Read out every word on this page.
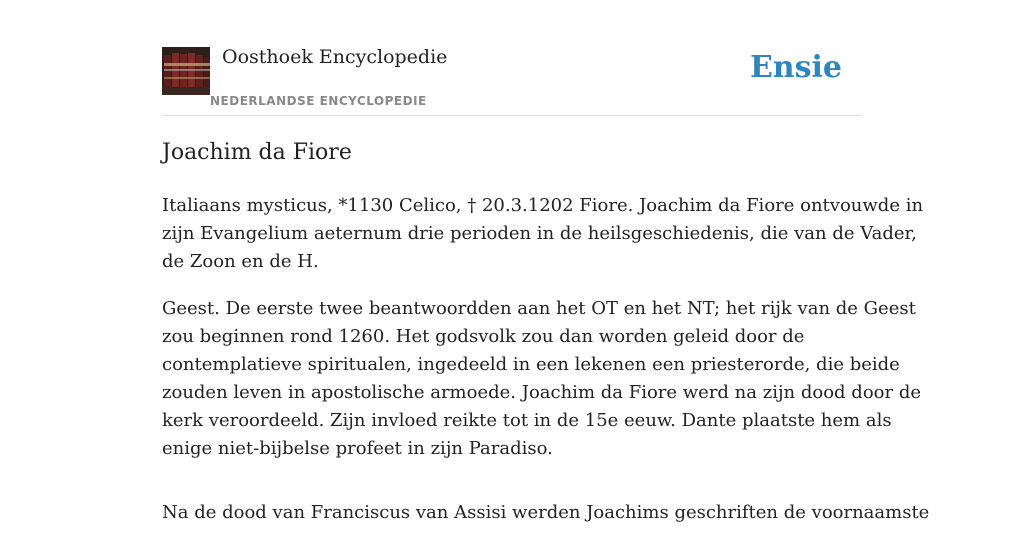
Oosthoek Encyclopedie
NEDERLANDSE ENCYCLOPEDIE
Ensie
Joachim da Fiore

Italiaans mysticus, *1130 Celico, † 20.3.1202 Fiore. Joachim da Fiore ontvouwde in
zijn Evangelium aeternum drie perioden in de heilsgeschiedenis, die van de Vader,
de Zoon en de H.

Geest. De eerste twee beantwoordden aan het OT en het NT; het rijk van de Geest
zou beginnen rond 1260. Het godsvolk zou dan worden geleid door de
contemplatieve spiritualen, ingedeeld in een lekenen een priesterorde, die beide
zouden leven in apostolische armoede. Joachim da Fiore werd na zijn dood door de
kerk veroordeeld. Zijn invloed reikte tot in de 15e eeuw. Dante plaatste hem als
enige niet-bijbelse profeet in zijn Paradiso.

Na de dood van Franciscus van Assisi werden Joachims geschriften de voornaamste
